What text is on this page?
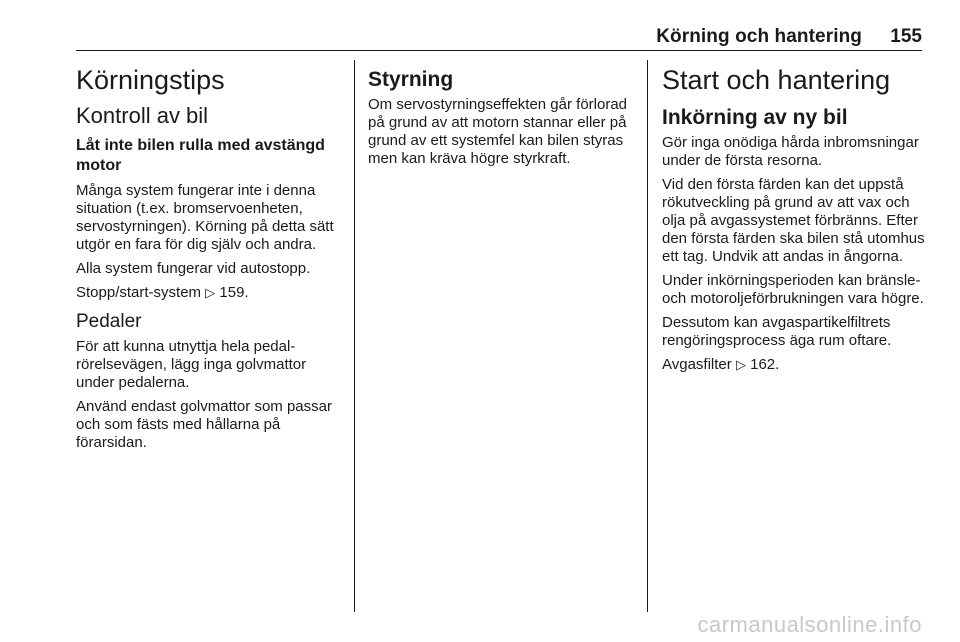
Körning och hantering 155
Körningstips
Kontroll av bil
Låt inte bilen rulla med avstängd motor

Många system fungerar inte i denna situation (t.ex. bromservoenheten, servostyrningen). Körning på detta sätt utgör en fara för dig själv och andra.

Alla system fungerar vid autostopp.

Stopp/start-system ▷ 159.

Pedaler

För att kunna utnyttja hela pedalrörelsevägen, lägg inga golvmattor under pedalerna.

Använd endast golvmattor som passar och som fästs med hållarna på förarsidan.

Styrning

Om servostyrningseffekten går förlorad på grund av att motorn stannar eller på grund av ett systemfel kan bilen styras men kan kräva högre styrkraft.

Start och hantering
Inkörning av ny bil

Gör inga onödiga hårda inbromsningar under de första resorna.

Vid den första färden kan det uppstå rökutveckling på grund av att vax och olja på avgassystemet förbränns. Efter den första färden ska bilen stå utomhus ett tag. Undvik att andas in ångorna.

Under inkörningsperioden kan bränsle- och motoroljeförbrukningen vara högre.

Dessutom kan avgaspartikelfiltrets rengöringsprocess äga rum oftare.

Avgasfilter ▷ 162.

carmanualsonline.info
